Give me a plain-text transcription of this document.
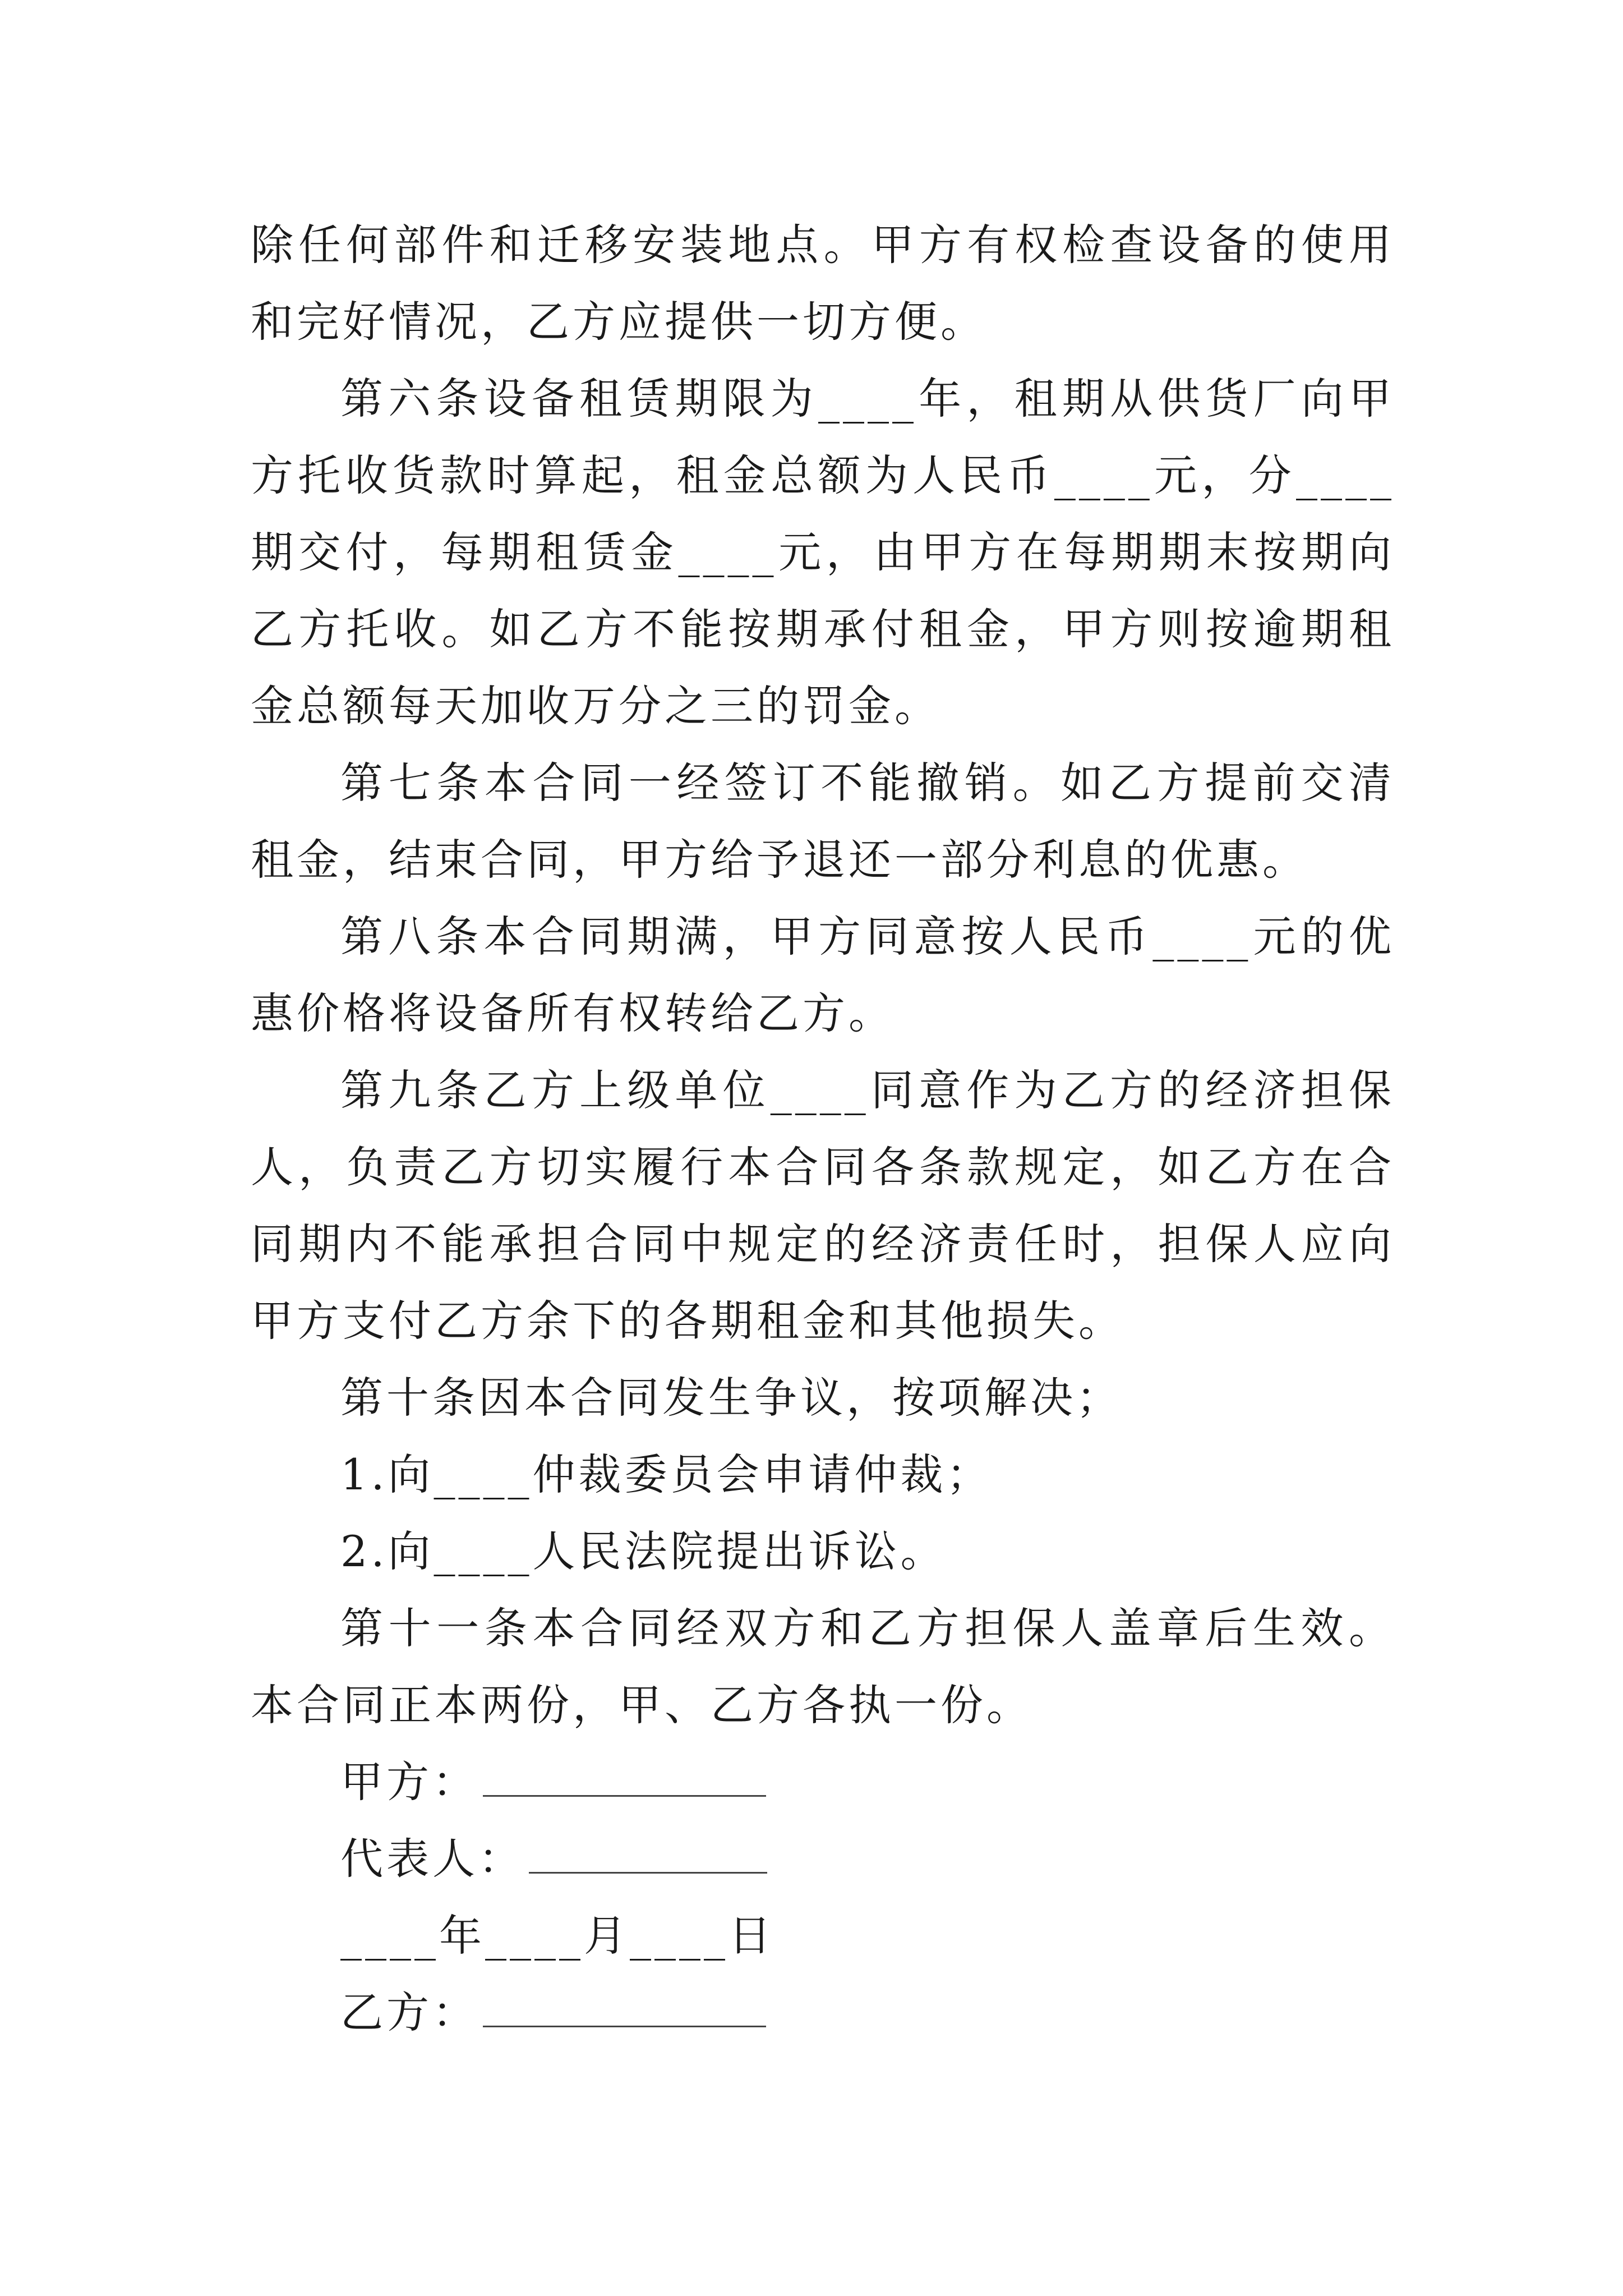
除任何部件和迁移安装地点。甲方有权检查设备的使用和完好情况，乙方应提供一切方便。

第六条设备租赁期限为____年，租期从供货厂向甲方托收货款时算起，租金总额为人民币____元，分____期交付，每期租赁金____元，由甲方在每期期末按期向乙方托收。如乙方不能按期承付租金，甲方则按逾期租金总额每天加收万分之三的罚金。

第七条本合同一经签订不能撤销。如乙方提前交清租金，结束合同，甲方给予退还一部分利息的优惠。

第八条本合同期满，甲方同意按人民币____元的优惠价格将设备所有权转给乙方。

第九条乙方上级单位____同意作为乙方的经济担保人，负责乙方切实履行本合同各条款规定，如乙方在合同期内不能承担合同中规定的经济责任时，担保人应向甲方支付乙方余下的各期租金和其他损失。

第十条因本合同发生争议，按项解决；

1.向____仲裁委员会申请仲裁；

2.向____人民法院提出诉讼。

第十一条本合同经双方和乙方担保人盖章后生效。本合同正本两份，甲、乙方各执一份。

甲方：

代表人：

____年____月____日

乙方：
